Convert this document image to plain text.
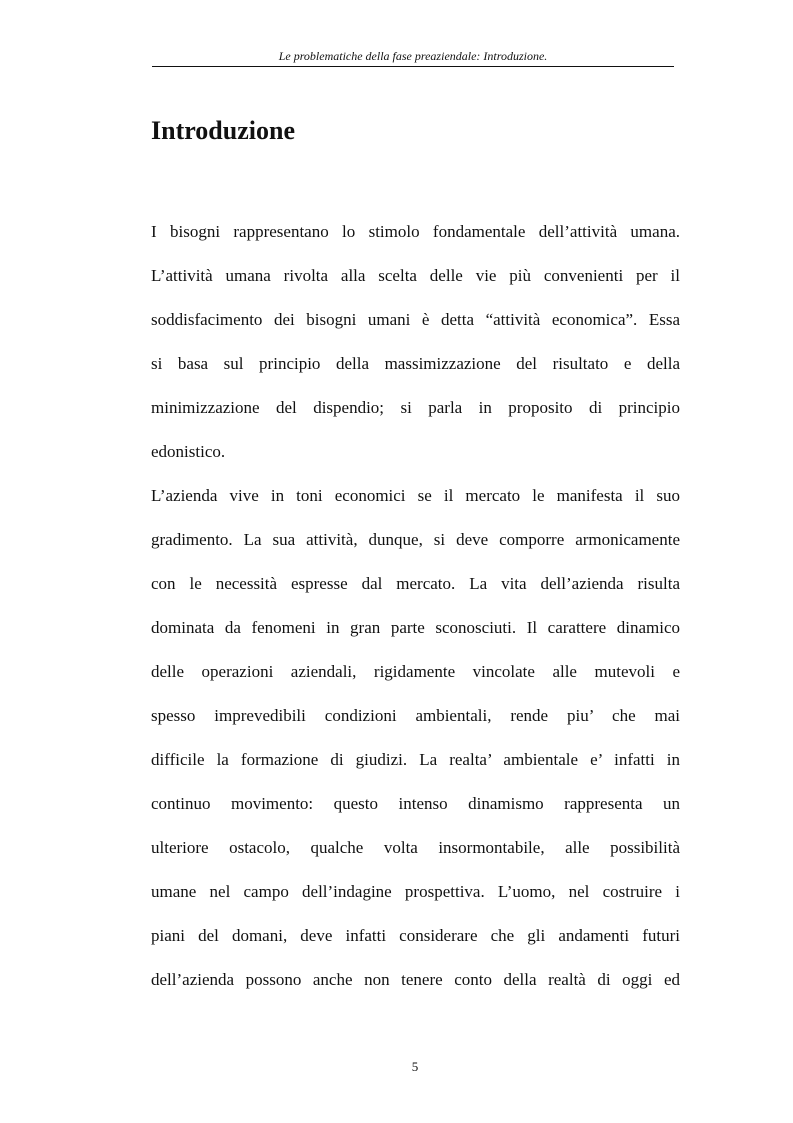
Le problematiche della fase preaziendale: Introduzione.
Introduzione
I bisogni rappresentano lo stimolo fondamentale dell’attività umana.
L’attività umana rivolta alla scelta delle vie più convenienti per il
soddisfacimento dei bisogni umani è detta “attività economica”. Essa
si basa sul principio della massimizzazione del risultato e della
minimizzazione del dispendio; si parla in proposito di principio
edonistico.
L’azienda vive in toni economici se il mercato le manifesta il suo
gradimento. La sua attività, dunque, si deve comporre armonicamente
con le necessità espresse dal mercato. La vita dell’azienda risulta
dominata da fenomeni in gran parte sconosciuti. Il carattere dinamico
delle operazioni aziendali, rigidamente vincolate alle mutevoli e
spesso imprevedibili condizioni ambientali, rende piu’ che mai
difficile la formazione di giudizi. La realta’ ambientale e’ infatti in
continuo movimento: questo intenso dinamismo rappresenta un
ulteriore ostacolo, qualche volta insormontabile, alle possibilità
umane nel campo dell’indagine prospettiva. L’uomo, nel costruire i
piani del domani, deve infatti considerare che gli andamenti futuri
dell’azienda possono anche non tenere conto della realtà di oggi ed
5
